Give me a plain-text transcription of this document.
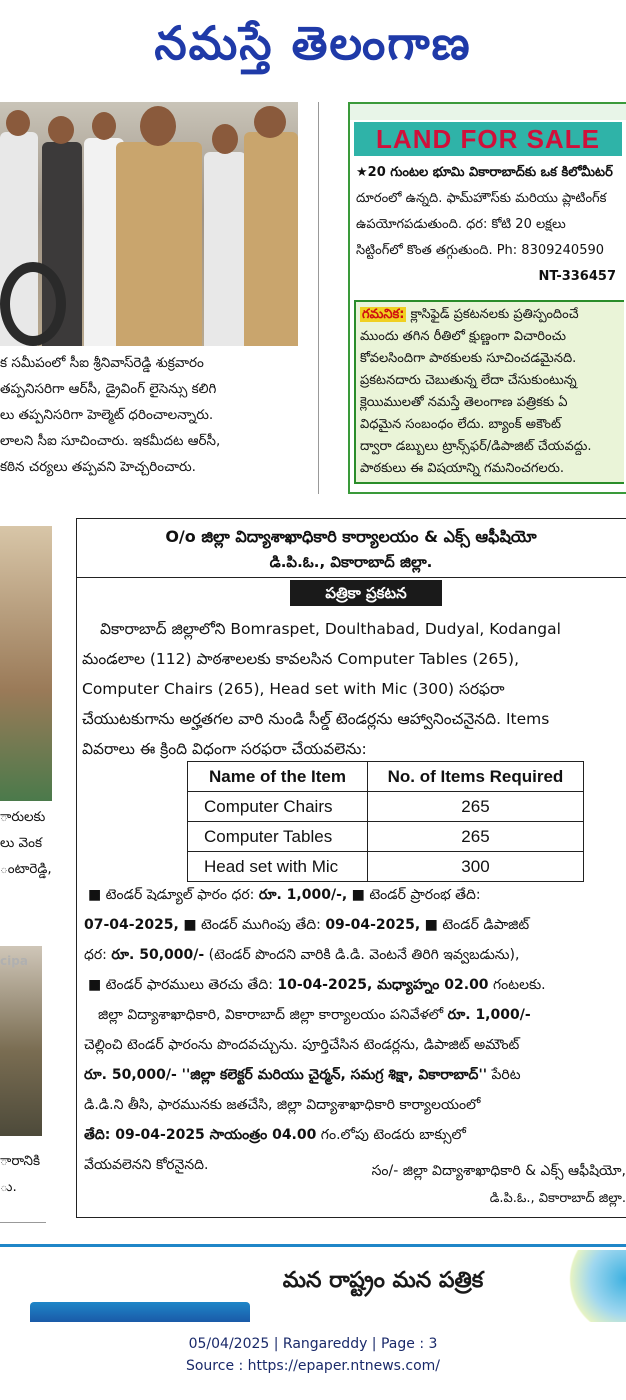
నమస్తే తెలంగాణ
క సమీపంలో సీఐ శ్రీనివాస్‌రెడ్డి శుక్రవారం
తప్పనిసరిగా ఆర్‌సీ, డ్రైవింగ్ లైసెన్సు కలిగి
లు తప్పనిసరిగా హెల్మెట్ ధరించాలన్నారు.
లాలని సీఐ సూచించారు. ఇకమీదట ఆర్‌సీ,
కఠిన చర్యలు తప్పవని హెచ్చరించారు.
LAND FOR SALE
★20 గుంటల భూమి వికారాబాద్‌కు ఒక కిలోమీటర్
దూరంలో ఉన్నది. ఫామ్‌హౌస్‌కు మరియు ప్లాటింగ్‌క
ఉపయోగపడుతుంది. ధర: కోటి 20 లక్షలు
సిట్టింగ్‌లో కొంత తగ్గుతుంది. Ph: 8309240590
NT-336457
గమనిక: క్లాసిఫైడ్ ప్రకటనలకు ప్రతిస్పందించే
ముందు తగిన రీతిలో క్షుణ్ణంగా విచారించు
కోవలసిందిగా పాఠకులకు సూచించడమైనది.
ప్రకటనదారు చెబుతున్న లేదా చేసుకుంటున్న
క్లెయిములతో నమస్తే తెలంగాణ పత్రికకు ఏ
విధమైన సంబంధం లేదు. బ్యాంక్ అకౌంట్
ద్వారా డబ్బులు ట్రాన్స్‌ఫర్/డిపాజిట్ చేయవద్దు.
పాఠకులు ఈ విషయాన్ని గమనించగలరు.
ారులకు
లు వెంక
ంటారెడ్డి,
cipa
ారానికి
ు.
O/o జిల్లా విద్యాశాఖాధికారి కార్యాలయం & ఎక్స్ ఆఫీషియో
డి.పి.ఓ., వికారాబాద్ జిల్లా.
పత్రికా ప్రకటన

వికారాబాద్ జిల్లాలోని Bomraspet, Doulthabad, Dudyal, Kodangal

మండలాల (112) పాఠశాలలకు కావలసిన Computer Tables (265),

Computer Chairs (265), Head set with Mic (300) సరఫరా

చేయుటకుగాను అర్హతగల వారి నుండి సీల్డ్ టెండర్లను ఆహ్వానించనైనది. Items

వివరాలు ఈ క్రింది విధంగా సరఫరా చేయవలెను:

Name of the Item	No. of Items Required
Computer Chairs	265
Computer Tables	265
Head set with Mic	300

■ టెండర్ షెడ్యూల్ ఫారం ధర: రూ. 1,000/-, ■ టెండర్ ప్రారంభ తేది:

07-04-2025, ■ టెండర్ ముగింపు తేది: 09-04-2025, ■ టెండర్ డిపాజిట్

ధర: రూ. 50,000/- (టెండర్ పొందని వారికి డి.డి. వెంటనే తిరిగి ఇవ్వబడును),

■ టెండర్ ఫారములు తెరచు తేది: 10-04-2025, మధ్యాహ్నం 02.00 గంటలకు.

జిల్లా విద్యాశాఖాధికారి, వికారాబాద్ జిల్లా కార్యాలయం పనివేళలో రూ. 1,000/-

చెల్లించి టెండర్ ఫారంను పొందవచ్చును. పూర్తిచేసిన టెండర్లను, డిపాజిట్ అమౌంట్

రూ. 50,000/- ''జిల్లా కలెక్టర్ మరియు చైర్మన్, సమగ్ర శిక్షా, వికారాబాద్'' పేరిట

డి.డి.ని తీసి, ఫారమునకు జతచేసి, జిల్లా విద్యాశాఖాధికారి కార్యాలయంలో

తేది: 09-04-2025 సాయంత్రం 04.00 గం.లోపు టెండరు బాక్సులో

వేయవలెనని కోరనైనది.	సం/- జిల్లా విద్యాశాఖాధికారి & ఎక్స్ ఆఫీషియో,
డి.పి.ఓ., వికారాబాద్ జిల్లా.
మన రాష్ట్రం మన పత్రిక
05/04/2025 | Rangareddy | Page : 3
Source : https://epaper.ntnews.com/
